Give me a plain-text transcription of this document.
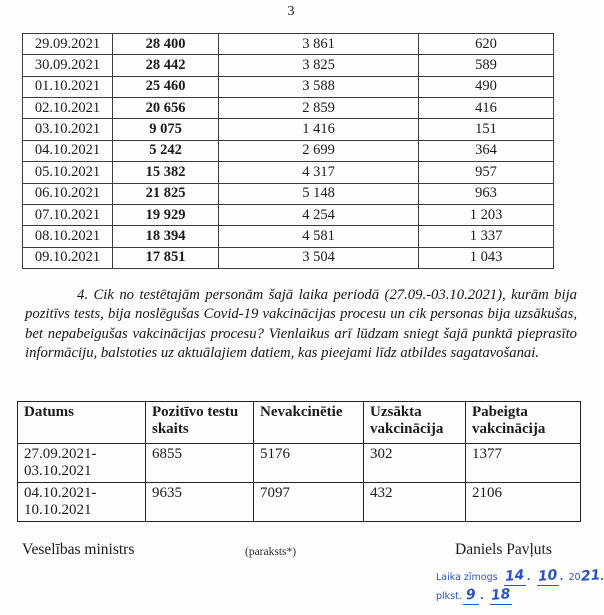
3
29.09.2021	28 400	3 861	620
30.09.2021	28 442	3 825	589
01.10.2021	25 460	3 588	490
02.10.2021	20 656	2 859	416
03.10.2021	9 075	1 416	151
04.10.2021	5 242	2 699	364
05.10.2021	15 382	4 317	957
06.10.2021	21 825	5 148	963
07.10.2021	19 929	4 254	1 203
08.10.2021	18 394	4 581	1 337
09.10.2021	17 851	3 504	1 043
4. Cik no testētajām personām šajā laika periodā (27.09.-03.10.2021), kurām bija pozitīvs tests, bija noslēgušas Covid-19 vakcinācijas procesu un cik personas bija uzsākušas, bet nepabeigušas vakcinācijas procesu? Vienlaikus arī lūdzam sniegt šajā punktā pieprasīto informāciju, balstoties uz aktuālajiem datiem, kas pieejami līdz atbildes sagatavošanai.
Datums	Pozitīvo testu skaits	Nevakcinētie	Uzsākta vakcinācija	Pabeigta vakcinācija

27.09.2021-
03.10.2021	6855	5176	302	1377

04.10.2021-
10.10.2021	9635	7097	432	2106
Veselības ministrs	(paraksts*)	Daniels Pavļuts
Laika zīmogs 14 . 10 . 2021.
plkst. 9 . 18
